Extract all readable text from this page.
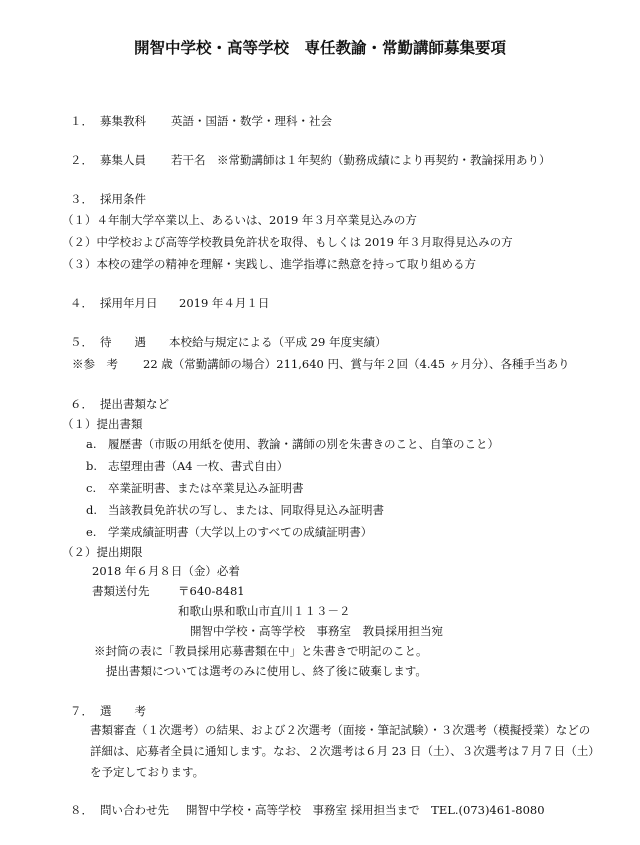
開智中学校・高等学校　専任教諭・常勤講師募集要項
１． 募集教科 英語・国語・数学・理科・社会
２． 募集人員 若干名　※常勤講師は１年契約（勤務成績により再契約・教論採用あり）
３． 採用条件
（１）４年制大学卒業以上、あるいは、2019 年３月卒業見込みの方
（２）中学校および高等学校教員免許状を取得、もしくは 2019 年３月取得見込みの方
（３）本校の建学の精神を理解・実践し、進学指導に熱意を持って取り組める方
４． 採用年月日 2019 年４月１日
５． 待　　遇 本校給与規定による（平成 29 年度実績）
※参　考 22 歳（常勤講師の場合）211,640 円、賞与年２回（4.45 ヶ月分）、各種手当あり
６． 提出書類など
（１）提出書類
a. 履歴書（市販の用紙を使用、教論・講師の別を朱書きのこと、自筆のこと）
b. 志望理由書（A4 一枚、書式自由）
c. 卒業証明書、または卒業見込み証明書
d. 当該教員免許状の写し、または、同取得見込み証明書
e. 学業成績証明書（大学以上のすべての成績証明書）
（２）提出期限
2018 年６月８日（金）必着
書類送付先 〒640-8481
和歌山県和歌山市直川１１３－２
開智中学校・高等学校　事務室　教員採用担当宛
※封筒の表に「教員採用応募書類在中」と朱書きで明記のこと。
提出書類については選考のみに使用し、終了後に破棄します。
７． 選　　考
書類審査（１次選考）の結果、および２次選考（面接・筆記試験）・３次選考（模擬授業）などの
詳細は、応募者全員に通知します。なお、２次選考は６月 23 日（土）、３次選考は７月７日（土）
を予定しております。
８． 問い合わせ先 開智中学校・高等学校　事務室 採用担当まで　TEL.(073)461-8080
